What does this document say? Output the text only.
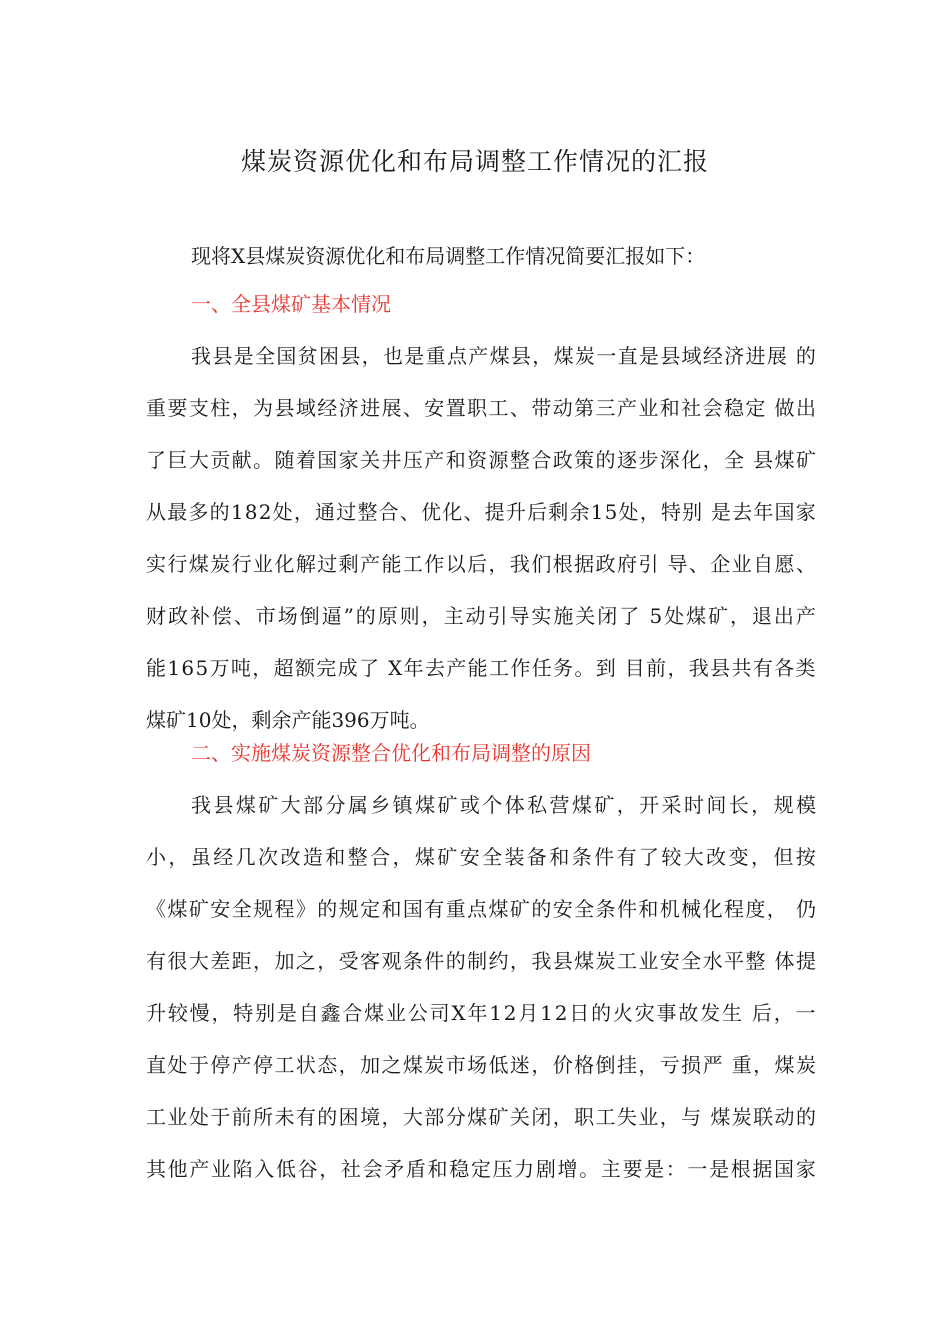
煤炭资源优化和布局调整工作情况的汇报

现将X县煤炭资源优化和布局调整工作情况简要汇报如下：

一、全县煤矿基本情况
我 县 是 全 国 贫 困 县 ， 也 是 重 点 产 煤 县 ， 煤 炭 一 直 是 县 域 经 济 进 展
的
重 要 支 柱 ， 为 县 域 经 济 进 展 、 安 置 职 工 、 带 动 第 三 产 业 和 社 会 稳 定
做 出
了 巨 大 贡 献 。 随 着 国 家 关 井 压 产 和 资 源 整 合 政 策 的 逐 步 深 化 ， 全
县 煤 矿
从 最 多 的 1 8 2 处 ， 通 过 整 合 、 优 化 、 提 升 后 剩 余 1 5 处 ， 特 别
是 去 年 国 家
实 行 煤 炭 行 业 化 解 过 剩 产 能 工 作 以 后 ， 我 们 根 据 政 府 引
导 、 企 业 自 愿 、
财 政 补 偿 、 市 场 倒 逼 ” 的 原 则 ， 主 动 引 导 实 施 关 闭 了
5 处 煤 矿 ， 退 出 产
能 1 6 5 万 吨 ， 超 额 完 成 了
X 年 去 产 能 工 作 任 务 。 到
目 前 ， 我 县 共 有 各 类
煤矿10处，剩余产能396万吨。
二、实施煤炭资源整合优化和布局调整的原因
我 县 煤 矿 大 部 分 属 乡 镇 煤 矿 或 个 体 私 营 煤 矿 ， 开 采 时 间 长 ， 规 模
小 ， 虽 经 几 次 改 造 和 整 合 ， 煤 矿 安 全 装 备 和 条 件 有 了 较 大 改 变 ， 但 按
《 煤 矿 安 全 规 程 》 的 规 定 和 国 有 重 点 煤 矿 的 安 全 条 件 和 机 械 化 程 度 ，
仍
有 很 大 差 距 ， 加 之 ， 受 客 观 条 件 的 制 约 ， 我 县 煤 炭 工 业 安 全 水 平 整
体 提
升 较 慢 ， 特 别 是 自 鑫 合 煤 业 公 司 X 年 1 2 月 1 2 日 的 火 灾 事 故 发 生
后 ， 一
直 处 于 停 产 停 工 状 态 ， 加 之 煤 炭 市 场 低 迷 ， 价 格 倒 挂 ， 亏 损 严
重 ， 煤 炭
工 业 处 于 前 所 未 有 的 困 境 ， 大 部 分 煤 矿 关 闭 ， 职 工 失 业 ， 与
煤 炭 联 动 的
其 他 产 业 陷 入 低 谷 ， 社 会 矛 盾 和 稳 定 压 力 剧 增 。 主 要 是 ： 一 是 根 据 国 家
